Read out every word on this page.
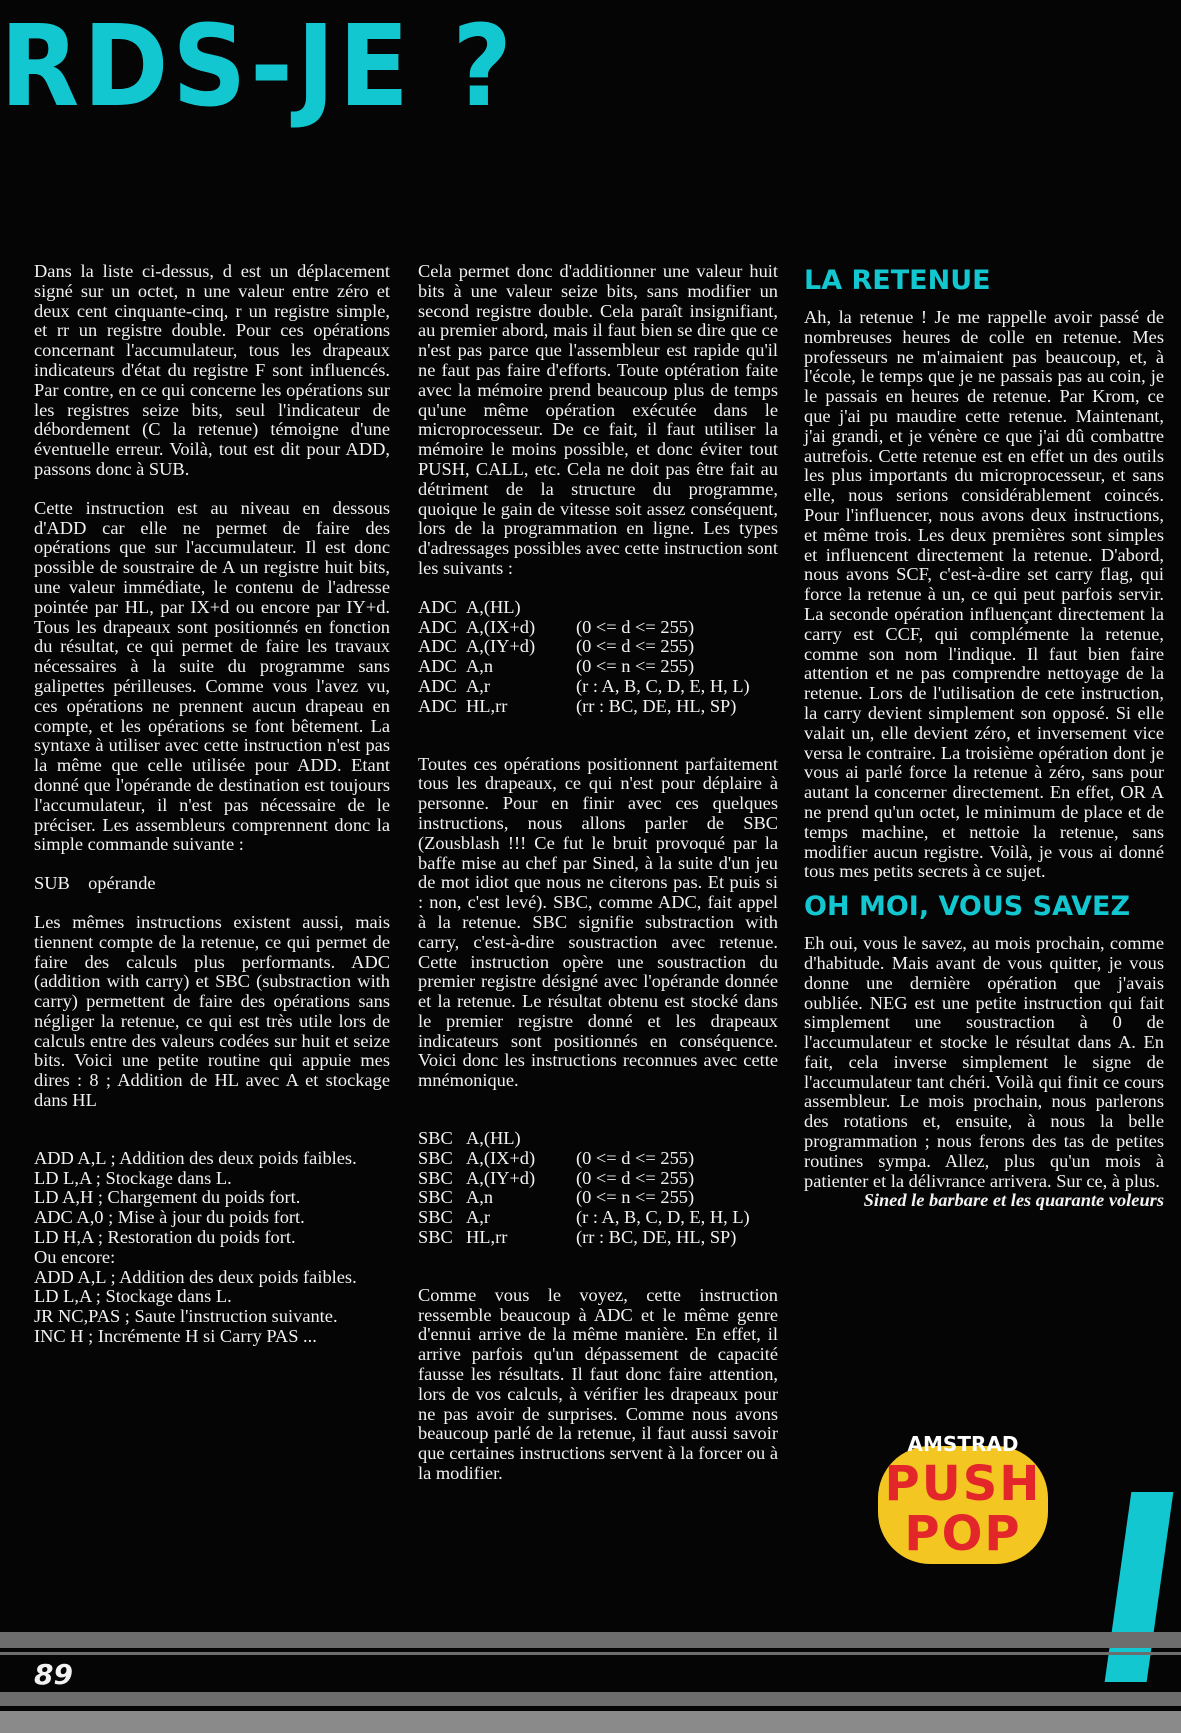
RDS-JE ?

Dans la liste ci-dessus, d est un déplacement signé sur un octet, n une valeur entre zéro et deux cent cinquante-cinq, r un registre simple, et rr un registre double. Pour ces opérations concernant l'accumulateur, tous les drapeaux indicateurs d'état du registre F sont influencés. Par contre, en ce qui concerne les opérations sur les registres seize bits, seul l'indicateur de débordement (C la retenue) témoigne d'une éventuelle erreur. Voilà, tout est dit pour ADD, passons donc à SUB.

Cette instruction est au niveau en dessous d'ADD car elle ne permet de faire des opérations que sur l'accumulateur. Il est donc possible de soustraire de A un registre huit bits, une valeur immédiate, le contenu de l'adresse pointée par HL, par IX+d ou encore par IY+d. Tous les drapeaux sont positionnés en fonction du résultat, ce qui permet de faire les travaux nécessaires à la suite du programme sans galipettes périlleuses. Comme vous l'avez vu, ces opérations ne prennent aucun drapeau en compte, et les opérations se font bêtement. La syntaxe à utiliser avec cette instruction n'est pas la même que celle utilisée pour ADD. Etant donné que l'opérande de destination est toujours l'accumulateur, il n'est pas nécessaire de le préciser. Les assembleurs comprennent donc la simple commande suivante :

SUB    opérande

Les mêmes instructions existent aussi, mais tiennent compte de la retenue, ce qui permet de faire des calculs plus performants. ADC (addition with carry) et SBC (substraction with carry) permettent de faire des opérations sans négliger la retenue, ce qui est très utile lors de calculs entre des valeurs codées sur huit et seize bits. Voici une petite routine qui appuie mes dires : 8 ; Addition de HL avec A et stockage dans HL

ADD A,L ; Addition des deux poids faibles.
LD L,A ; Stockage dans L.
LD A,H ; Chargement du poids fort.
ADC A,0 ; Mise à jour du poids fort.
LD H,A ; Restoration du poids fort.
Ou encore:
ADD A,L ; Addition des deux poids faibles.
LD L,A ; Stockage dans L.
JR NC,PAS ; Saute l'instruction suivante.
INC H ; Incrémente H si Carry PAS ...

Cela permet donc d'additionner une valeur huit bits à une valeur seize bits, sans modifier un second registre double. Cela paraît insignifiant, au premier abord, mais il faut bien se dire que ce n'est pas parce que l'assembleur est rapide qu'il ne faut pas faire d'efforts. Toute optération faite avec la mémoire prend beaucoup plus de temps qu'une même opération exécutée dans le microprocesseur. De ce fait, il faut utiliser la mémoire le moins possible, et donc éviter tout PUSH, CALL, etc. Cela ne doit pas être fait au détriment de la structure du programme, quoique le gain de vitesse soit assez conséquent, lors de la programmation en ligne. Les types d'adressages possibles avec cette instruction sont les suivants :

ADC A,(HL)
ADC A,(IX+d)	(0 <= d <= 255)
ADC A,(IY+d)	(0 <= d <= 255)
ADC A,n	(0 <= n <= 255)
ADC A,r	(r : A, B, C, D, E, H, L)
ADC HL,rr	(rr : BC, DE, HL, SP)

Toutes ces opérations positionnent parfaitement tous les drapeaux, ce qui n'est pour déplaire à personne. Pour en finir avec ces quelques instructions, nous allons parler de SBC (Zousblash !!! Ce fut le bruit provoqué par la baffe mise au chef par Sined, à la suite d'un jeu de mot idiot que nous ne citerons pas. Et puis si : non, c'est levé). SBC, comme ADC, fait appel à la retenue. SBC signifie substraction with carry, c'est-à-dire soustraction avec retenue. Cette instruction opère une soustraction du premier registre désigné avec l'opérande donnée et la retenue. Le résultat obtenu est stocké dans le premier registre donné et les drapeaux indicateurs sont positionnés en conséquence. Voici donc les instructions reconnues avec cette mnémonique.

SBC A,(HL)
SBC A,(IX+d)	(0 <= d <= 255)
SBC A,(IY+d)	(0 <= d <= 255)
SBC A,n	(0 <= n <= 255)
SBC A,r	(r : A, B, C, D, E, H, L)
SBC HL,rr	(rr : BC, DE, HL, SP)

Comme vous le voyez, cette instruction ressemble beaucoup à ADC et le même genre d'ennui arrive de la même manière. En effet, il arrive parfois qu'un dépassement de capacité fausse les résultats. Il faut donc faire attention, lors de vos calculs, à vérifier les drapeaux pour ne pas avoir de surprises. Comme nous avons beaucoup parlé de la retenue, il faut aussi savoir que certaines instructions servent à la forcer ou à la modifier.

LA RETENUE

Ah, la retenue ! Je me rappelle avoir passé de nombreuses heures de colle en retenue. Mes professeurs ne m'aimaient pas beaucoup, et, à l'école, le temps que je ne passais pas au coin, je le passais en heures de retenue. Par Krom, ce que j'ai pu maudire cette retenue. Maintenant, j'ai grandi, et je vénère ce que j'ai dû combattre autrefois. Cette retenue est en effet un des outils les plus importants du microprocesseur, et sans elle, nous serions considérablement coincés. Pour l'influencer, nous avons deux instructions, et même trois. Les deux premières sont simples et influencent directement la retenue. D'abord, nous avons SCF, c'est-à-dire set carry flag, qui force la retenue à un, ce qui peut parfois servir. La seconde opération influençant directement la carry est CCF, qui complémente la retenue, comme son nom l'indique. Il faut bien faire attention et ne pas comprendre nettoyage de la retenue. Lors de l'utilisation de cete instruction, la carry devient simplement son opposé. Si elle valait un, elle devient zéro, et inversement vice versa le contraire. La troisième opération dont je vous ai parlé force la retenue à zéro, sans pour autant la concerner directement. En effet, OR A ne prend qu'un octet, le minimum de place et de temps machine, et nettoie la retenue, sans modifier aucun registre. Voilà, je vous ai donné tous mes petits secrets à ce sujet.

OH MOI, VOUS SAVEZ

Eh oui, vous le savez, au mois prochain, comme d'habitude. Mais avant de vous quitter, je vous donne une dernière opération que j'avais oubliée. NEG est une petite instruction qui fait simplement une soustraction à 0 de l'accumulateur et stocke le résultat dans A. En fait, cela inverse simplement le signe de l'accumulateur tant chéri. Voilà qui finit ce cours assembleur. Le mois prochain, nous parlerons des rotations et, ensuite, à nous la belle programmation ; nous ferons des tas de petites routines sympa. Allez, plus qu'un mois à patienter et la délivrance arrivera. Sur ce, à plus.

Sined le barbare et les quarante voleurs

AMSTRAD
PUSH
POP
89
